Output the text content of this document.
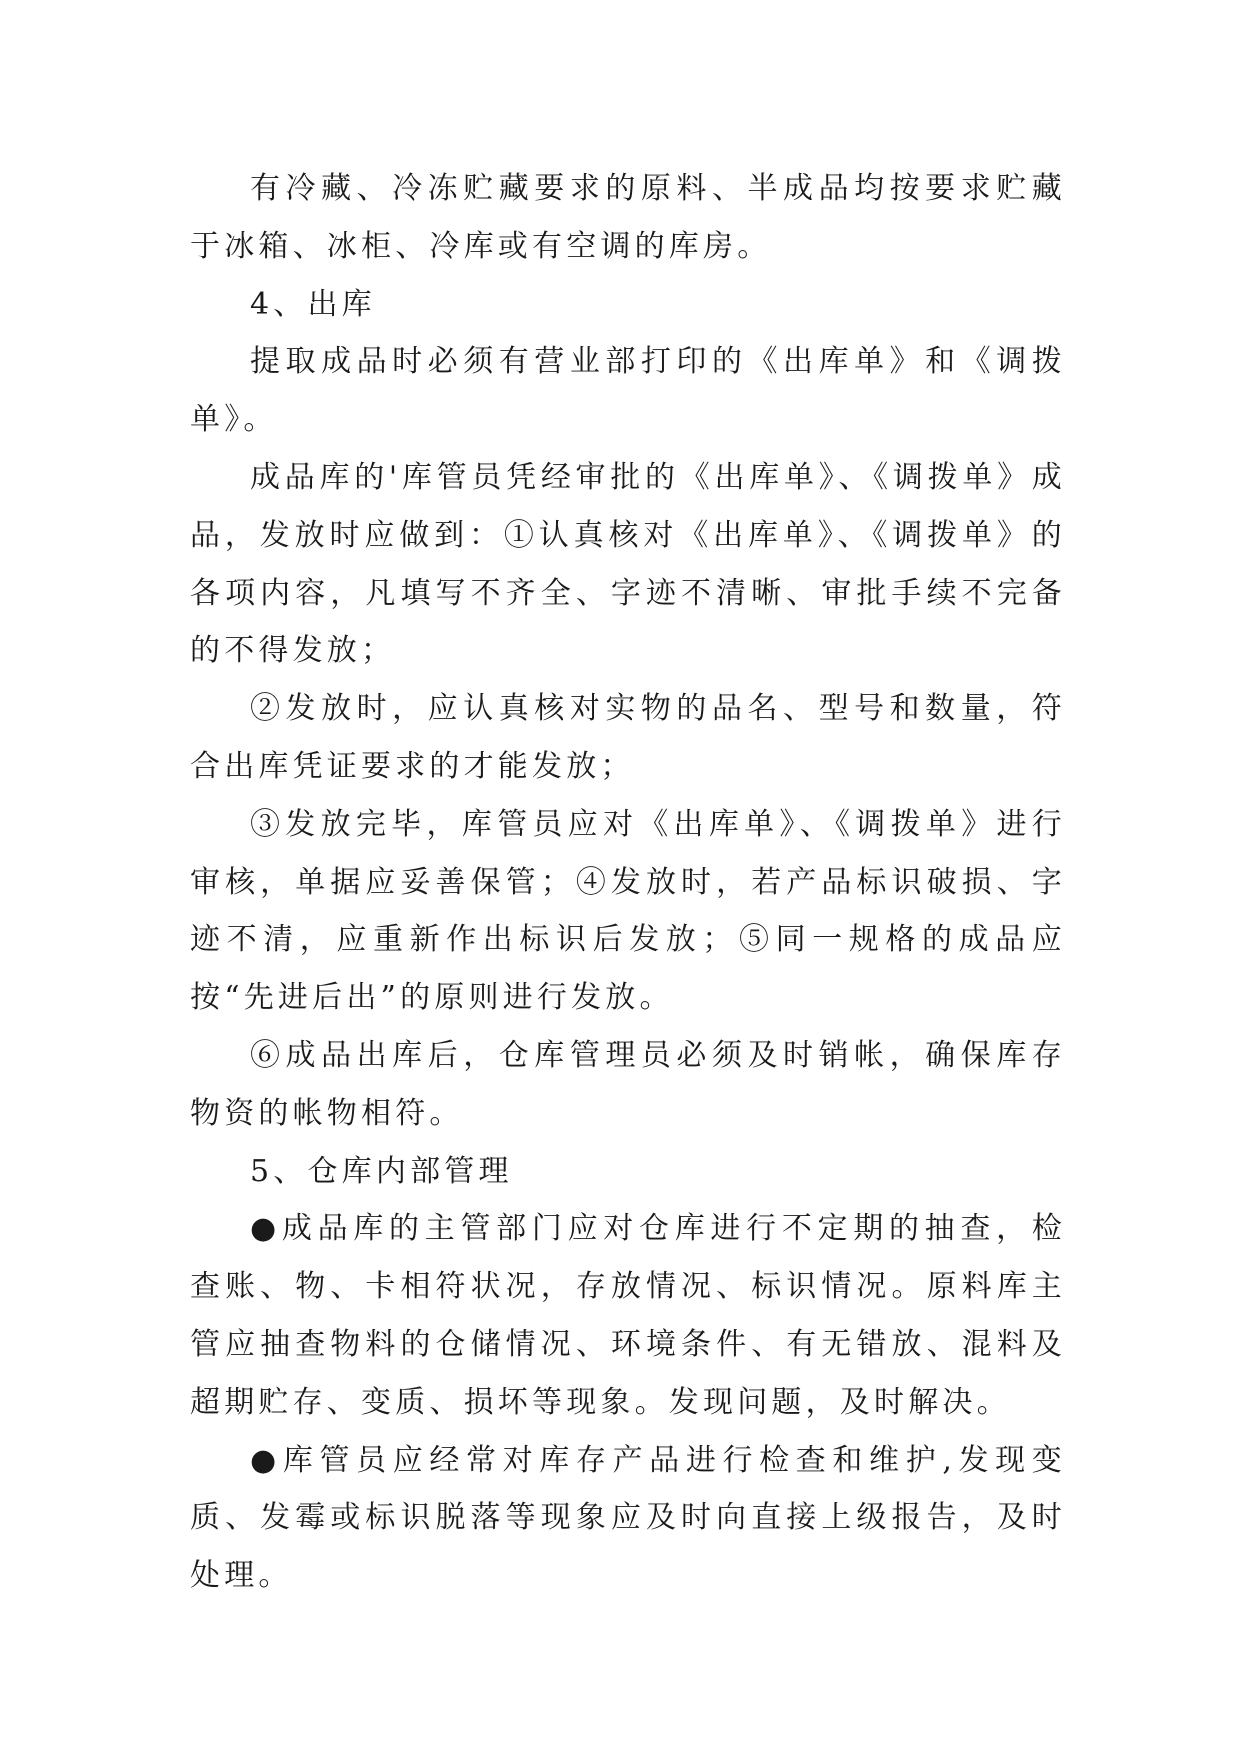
有冷藏、冷冻贮藏要求的原料、半成品均按要求贮藏于冰箱、冰柜、冷库或有空调的库房。

4、出库

提取成品时必须有营业部打印的《出库单》和《调拨单》。

成品库的'库管员凭经审批的《出库单》、《调拨单》成品，发放时应做到：①认真核对《出库单》、《调拨单》的各项内容，凡填写不齐全、字迹不清晰、审批手续不完备的不得发放；

②发放时，应认真核对实物的品名、型号和数量，符合出库凭证要求的才能发放；

③发放完毕，库管员应对《出库单》、《调拨单》进行审核，单据应妥善保管；④发放时，若产品标识破损、字迹不清，应重新作出标识后发放；⑤同一规格的成品应按“先进后出”的原则进行发放。

⑥成品出库后，仓库管理员必须及时销帐，确保库存物资的帐物相符。

5、仓库内部管理

●成品库的主管部门应对仓库进行不定期的抽查，检查账、物、卡相符状况，存放情况、标识情况。原料库主管应抽查物料的仓储情况、环境条件、有无错放、混料及超期贮存、变质、损坏等现象。发现问题，及时解决。

●库管员应经常对库存产品进行检查和维护,发现变质、发霉或标识脱落等现象应及时向直接上级报告，及时处理。
